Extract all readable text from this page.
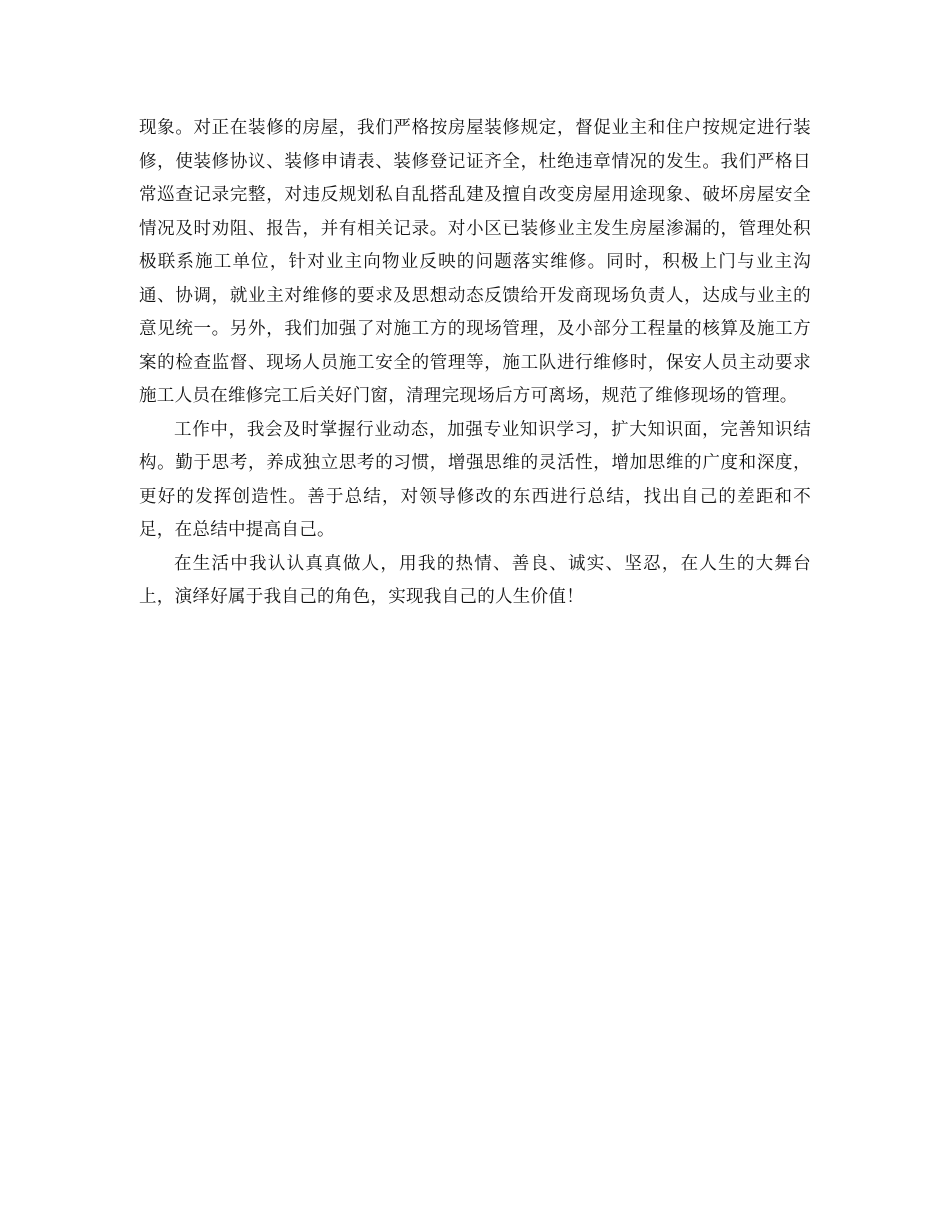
现象。对正在装修的房屋，我们严格按房屋装修规定，督促业主和住户按规定进行装修，使装修协议、装修申请表、装修登记证齐全，杜绝违章情况的发生。我们严格日常巡查记录完整，对违反规划私自乱搭乱建及擅自改变房屋用途现象、破坏房屋安全情况及时劝阻、报告，并有相关记录。对小区已装修业主发生房屋渗漏的，管理处积极联系施工单位，针对业主向物业反映的问题落实维修。同时，积极上门与业主沟通、协调，就业主对维修的要求及思想动态反馈给开发商现场负责人，达成与业主的意见统一。另外，我们加强了对施工方的现场管理，及小部分工程量的核算及施工方案的检查监督、现场人员施工安全的管理等，施工队进行维修时，保安人员主动要求施工人员在维修完工后关好门窗，清理完现场后方可离场，规范了维修现场的管理。

工作中，我会及时掌握行业动态，加强专业知识学习，扩大知识面，完善知识结构。勤于思考，养成独立思考的习惯，增强思维的灵活性，增加思维的广度和深度，更好的发挥创造性。善于总结，对领导修改的东西进行总结，找出自己的差距和不足，在总结中提高自己。

在生活中我认认真真做人，用我的热情、善良、诚实、坚忍，在人生的大舞台上，演绎好属于我自己的角色，实现我自己的人生价值！
